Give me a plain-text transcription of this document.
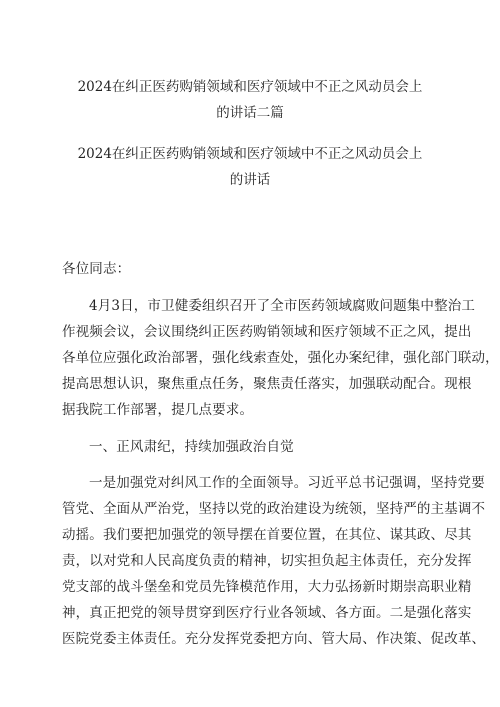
2024在纠正医药购销领域和医疗领域中不正之风动员会上
的讲话二篇
2024在纠正医药购销领域和医疗领域中不正之风动员会上
的讲话
各位同志：
4月3日，市卫健委组织召开了全市医药领域腐败问题集中整治工
作视频会议，会议围绕纠正医药购销领域和医疗领域不正之风，提出
各单位应强化政治部署，强化线索查处，强化办案纪律，强化部门联动，
提高思想认识，聚焦重点任务，聚焦责任落实，加强联动配合。现根
据我院工作部署，提几点要求。
一、正风肃纪，持续加强政治自觉
一是加强党对纠风工作的全面领导。习近平总书记强调，坚持党要
管党、全面从严治党，坚持以党的政治建设为统领，坚持严的主基调不
动摇。我们要把加强党的领导摆在首要位置，在其位、谋其政、尽其
责，以对党和人民高度负责的精神，切实担负起主体责任，充分发挥
党支部的战斗堡垒和党员先锋模范作用，大力弘扬新时期崇高职业精
神，真正把党的领导贯穿到医疗行业各领域、各方面。二是强化落实
医院党委主体责任。充分发挥党委把方向、管大局、作决策、促改革、
